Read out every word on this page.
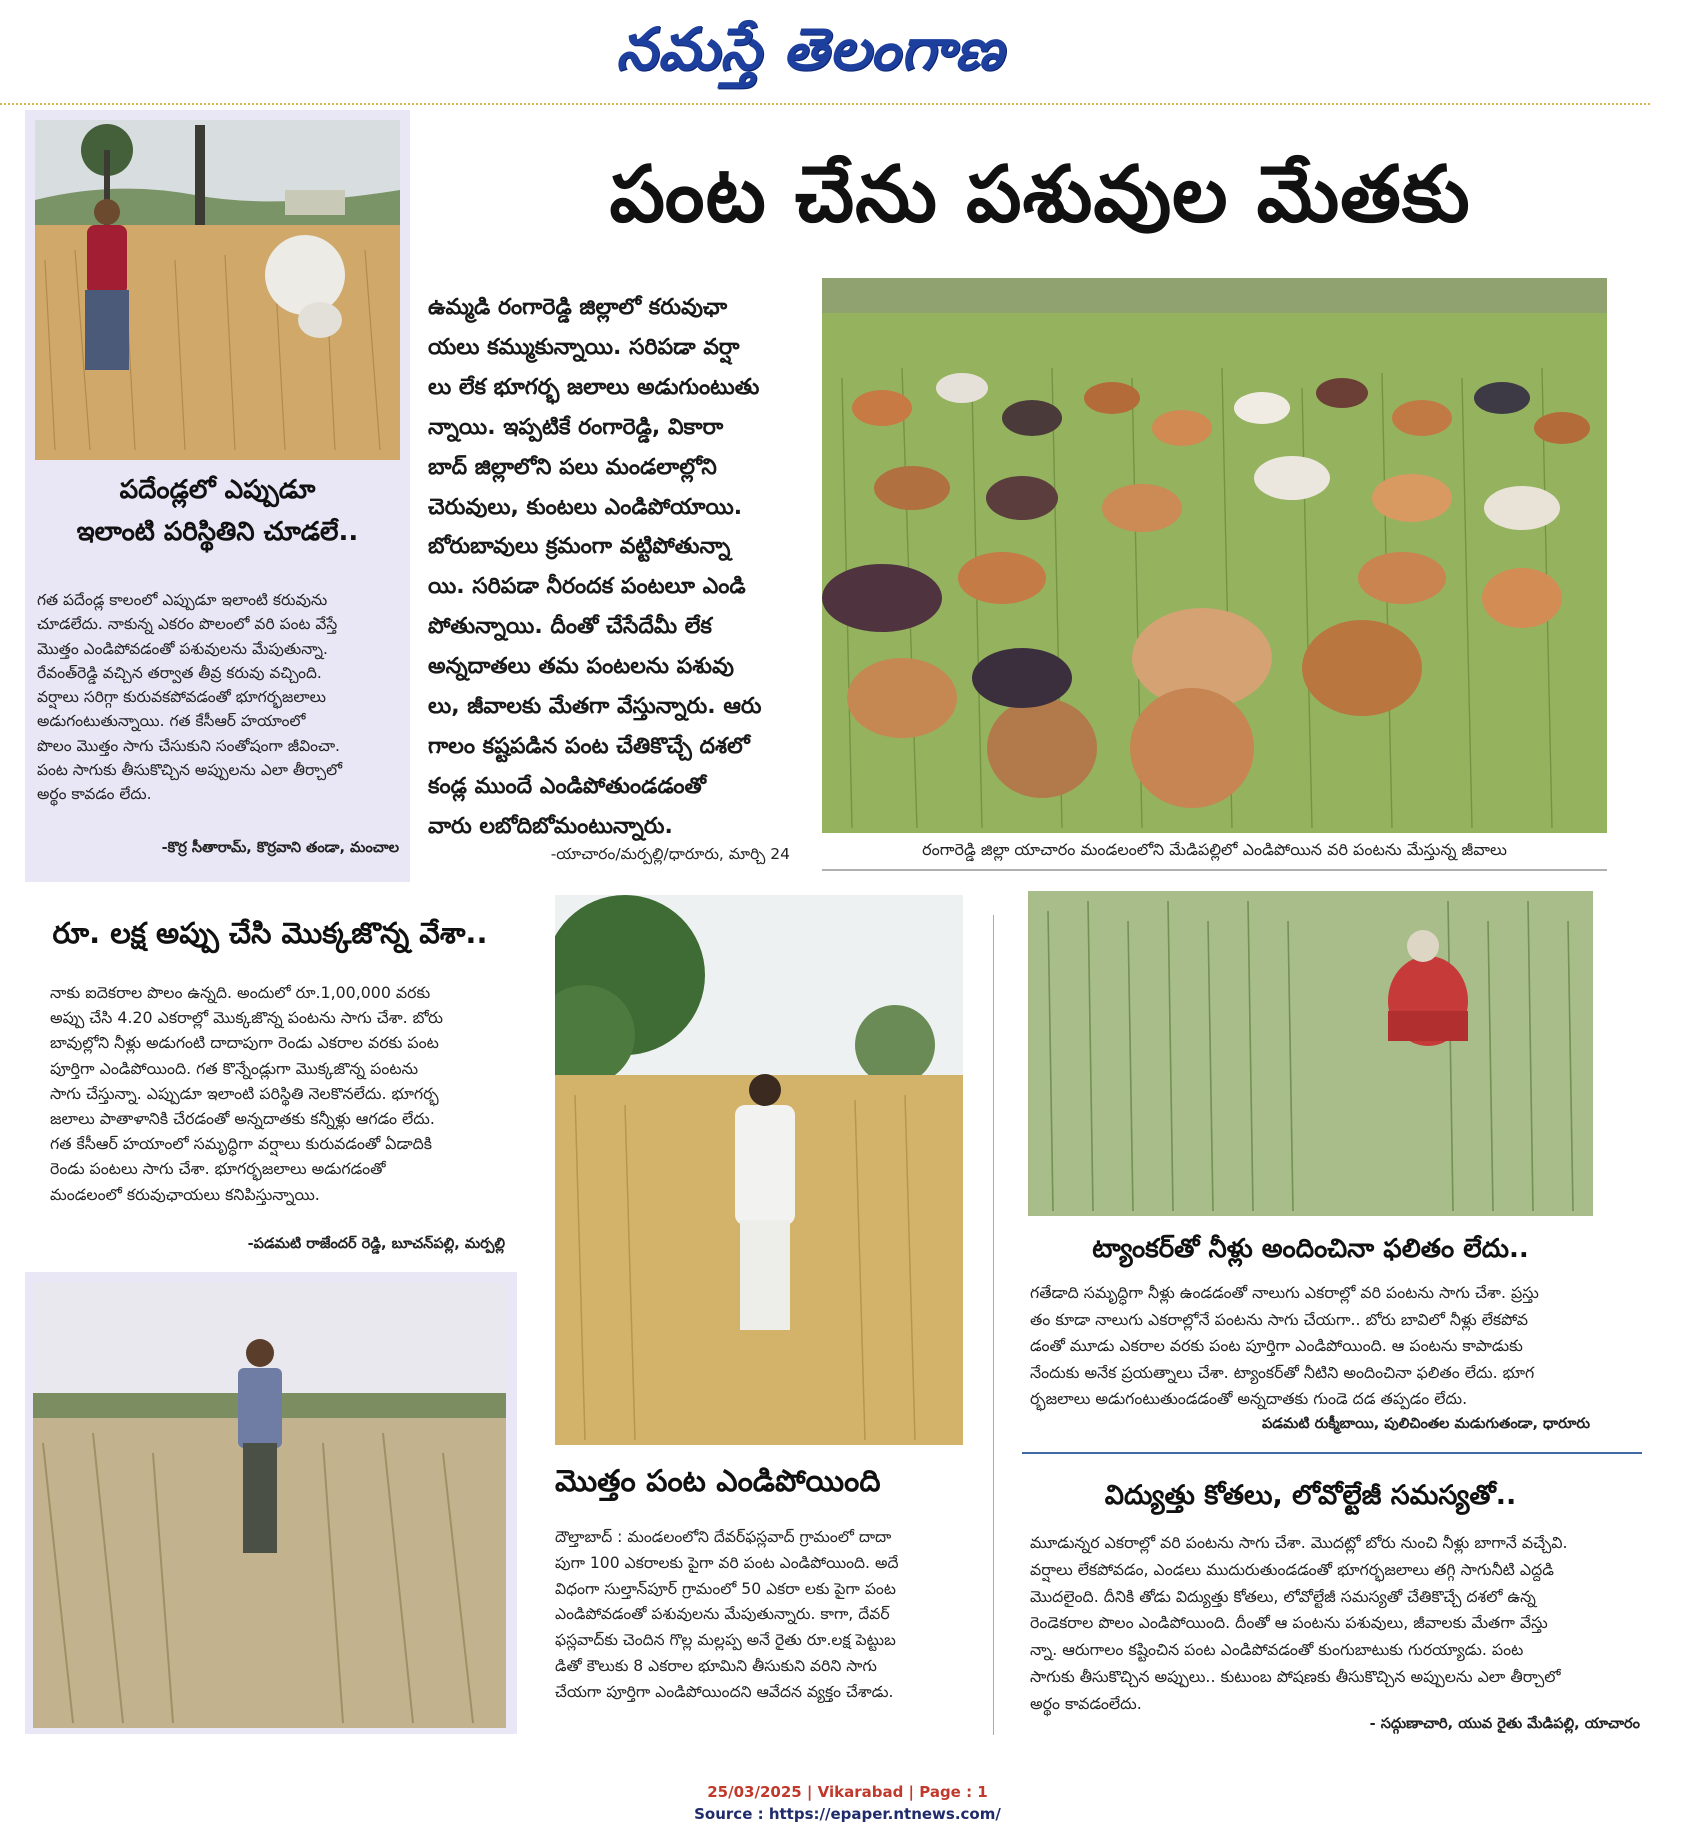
నమస్తే తెలంగాణ
పదేండ్లలో ఎప్పుడూ
ఇలాంటి పరిస్థితిని చూడలే..
గత పదేండ్ల కాలంలో ఎప్పుడూ ఇలాంటి కరువును
చూడలేదు. నాకున్న ఎకరం పొలంలో వరి పంట వేస్తే
మొత్తం ఎండిపోవడంతో పశువులను మేపుతున్నా.
రేవంత్‌రెడ్డి వచ్చిన తర్వాత తీవ్ర కరువు వచ్చింది.
వర్షాలు సరిగ్గా కురువకపోవడంతో భూగర్భజలాలు
అడుగంటుతున్నాయి. గత కేసీఆర్ హయాంలో
పొలం మొత్తం సాగు చేసుకుని సంతోషంగా జీవించా.
పంట సాగుకు తీసుకొచ్చిన అప్పులను ఎలా తీర్చాలో
అర్థం కావడం లేదు.
-కొర్ర సీతారామ్, కొర్రవాని తండా, మంచాల
పంట చేను పశువుల మేతకు
ఉమ్మడి రంగారెడ్డి జిల్లాలో కరువుఛా
యలు కమ్ముకున్నాయి. సరిపడా వర్షా
లు లేక భూగర్భ జలాలు అడుగుంటుతు
న్నాయి. ఇప్పటికే రంగారెడ్డి, వికారా
బాద్ జిల్లాలోని పలు మండలాల్లోని
చెరువులు, కుంటలు ఎండిపోయాయి.
బోరుబావులు క్రమంగా వట్టిపోతున్నా
యి. సరిపడా నీరందక పంటలూ ఎండి
పోతున్నాయి. దీంతో చేసేదేమీ లేక
అన్నదాతలు తమ పంటలను పశువు
లు, జీవాలకు మేతగా వేస్తున్నారు. ఆరు
గాలం కష్టపడిన పంట చేతికొచ్చే దశలో
కండ్ల ముందే ఎండిపోతుండడంతో
వారు లబోదిబోమంటున్నారు.
-యాచారం/మర్పల్లి/ధారూరు, మార్చి 24	రంగారెడ్డి జిల్లా యాచారం మండలంలోని మేడిపల్లిలో ఎండిపోయిన వరి పంటను మేస్తున్న జీవాలు
రూ. లక్ష అప్పు చేసి మొక్కజొన్న వేశా..
నాకు ఐదెకరాల పొలం ఉన్నది. అందులో రూ.1,00,000 వరకు
అప్పు చేసి 4.20 ఎకరాల్లో మొక్కజొన్న పంటను సాగు చేశా. బోరు
బావుల్లోని నీళ్లు అడుగంటి దాదాపుగా రెండు ఎకరాల వరకు పంట
పూర్తిగా ఎండిపోయింది. గత కొన్నేండ్లుగా మొక్కజొన్న పంటను
సాగు చేస్తున్నా. ఎప్పుడూ ఇలాంటి పరిస్థితి నెలకొనలేదు. భూగర్భ
జలాలు పాతాళానికి చేరడంతో అన్నదాతకు కన్నీళ్లు ఆగడం లేదు.
గత కేసీఆర్ హయాంలో సమృద్ధిగా వర్షాలు కురువడంతో ఏడాదికి
రెండు పంటలు సాగు చేశా. భూగర్భజలాలు అడుగడంతో
మండలంలో కరువుఛాయలు కనిపిస్తున్నాయి.
-పడమటి రాజేందర్ రెడ్డి, బూచన్‌పల్లి, మర్పల్లి
మొత్తం పంట ఎండిపోయింది
దౌల్తాబాద్ : మండలంలోని దేవర్‌ఫస్లవాద్ గ్రామంలో దాదా
పుగా 100 ఎకరాలకు పైగా వరి పంట ఎండిపోయింది. అదే
విధంగా సుల్తాన్‌పూర్ గ్రామంలో 50 ఎకరా లకు పైగా పంట
ఎండిపోవడంతో పశువులను మేపుతున్నారు. కాగా, దేవర్
ఫస్లవాద్‌కు చెందిన గొల్ల మల్లప్ప అనే రైతు రూ.లక్ష పెట్టుబ
డితో కౌలుకు 8 ఎకరాల భూమిని తీసుకుని వరిని సాగు
చేయగా పూర్తిగా ఎండిపోయిందని ఆవేదన వ్యక్తం చేశాడు.
ట్యాంకర్‌తో నీళ్లు అందించినా ఫలితం లేదు..
గతేడాది సమృద్ధిగా నీళ్లు ఉండడంతో నాలుగు ఎకరాల్లో వరి పంటను సాగు చేశా. ప్రస్తు
తం కూడా నాలుగు ఎకరాల్లోనే పంటను సాగు చేయగా.. బోరు బావిలో నీళ్లు లేకపోవ
డంతో మూడు ఎకరాల వరకు పంట పూర్తిగా ఎండిపోయింది. ఆ పంటను కాపాడుకు
నేందుకు అనేక ప్రయత్నాలు చేశా. ట్యాంకర్‌తో నీటిని అందించినా ఫలితం లేదు. భూగ
ర్భజలాలు అడుగంటుతుండడంతో అన్నదాతకు గుండె దడ తప్పడం లేదు.
పడమటి రుక్మీబాయి, పులిచింతల మడుగుతండా, ధారూరు
విద్యుత్తు కోతలు, లోవోల్టేజీ సమస్యతో..
మూడున్నర ఎకరాల్లో వరి పంటను సాగు చేశా. మొదట్లో బోరు నుంచి నీళ్లు బాగానే వచ్చేవి.
వర్షాలు లేకపోవడం, ఎండలు ముదురుతుండడంతో భూగర్భజలాలు తగ్గి సాగునీటి ఎద్దడి
మొదలైంది. దీనికి తోడు విద్యుత్తు కోతలు, లోవోల్టేజీ సమస్యతో చేతికొచ్చే దశలో ఉన్న
రెండెకరాల పొలం ఎండిపోయింది. దీంతో ఆ పంటను పశువులు, జీవాలకు మేతగా వేస్తు
న్నా. ఆరుగాలం కష్టించిన పంట ఎండిపోవడంతో కుంగుబాటుకు గురయ్యాడు. పంట
సాగుకు తీసుకొచ్చిన అప్పులు.. కుటుంబ పోషణకు తీసుకొచ్చిన అప్పులను ఎలా తీర్చాలో
అర్థం కావడంలేదు.
- సద్గుణాచారి, యువ రైతు మేడిపల్లి, యాచారం
25/03/2025 | Vikarabad | Page : 1
Source : https://epaper.ntnews.com/
